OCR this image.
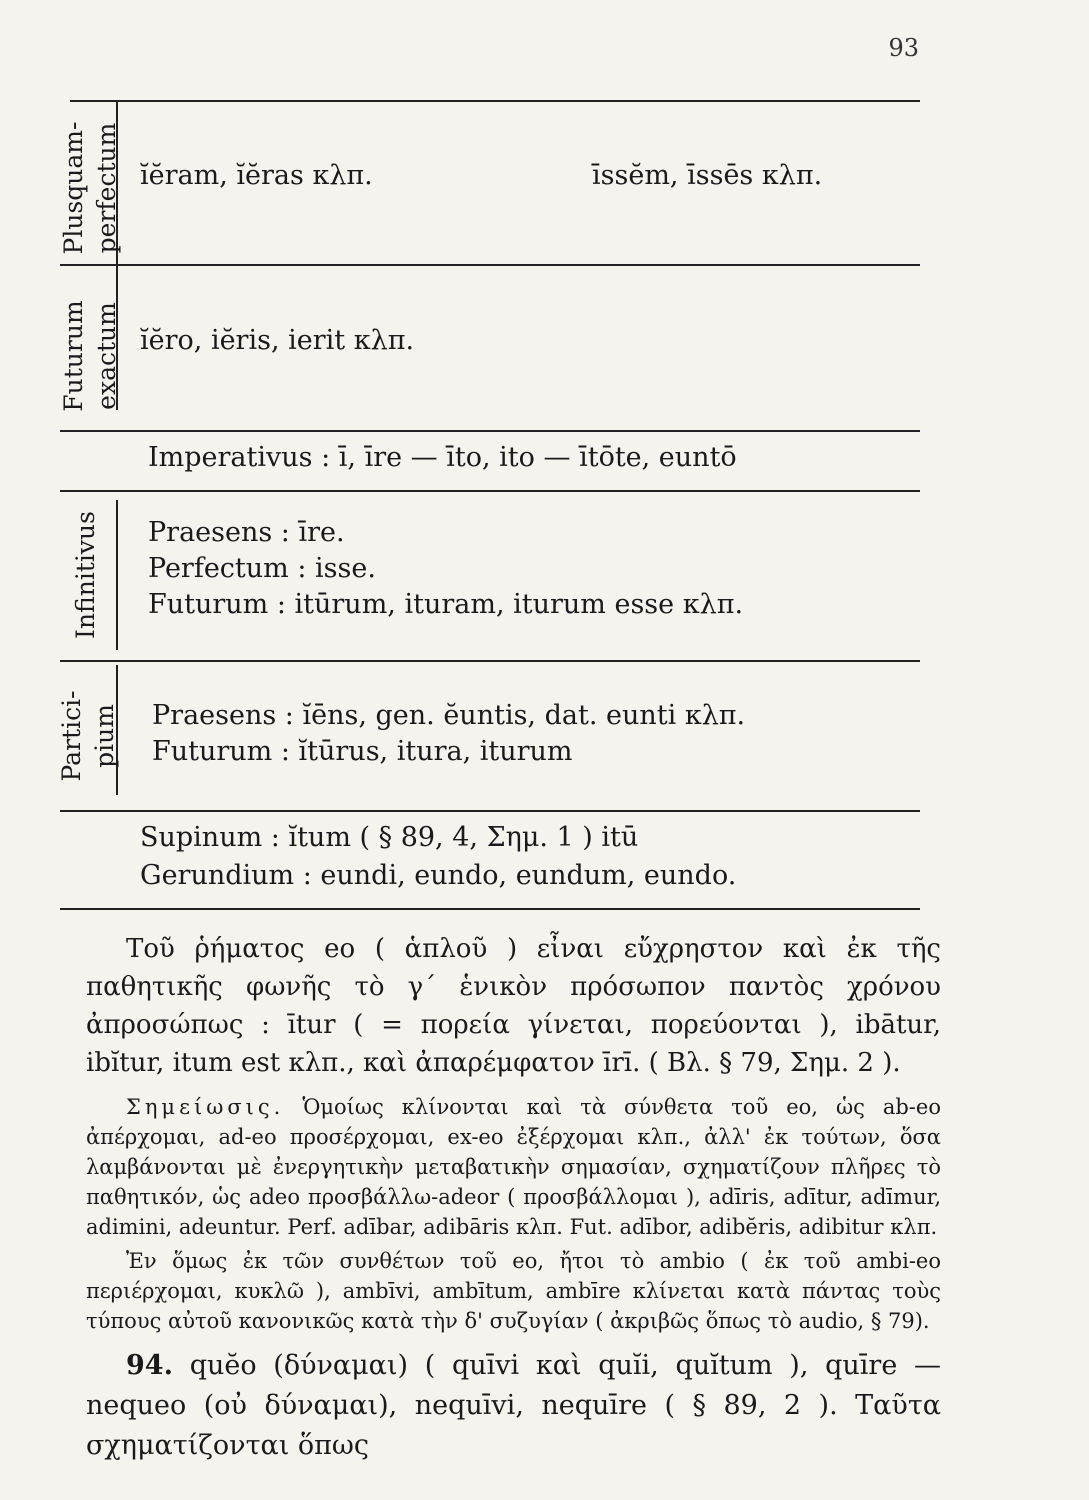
93
Plusquam- perfectum ĭĕram, ĭĕras κλπ.	īssĕm, īssēs κλπ.
Futurum exactum ĭĕro, iĕris, ierit κλπ.
Imperativus : ī, īre — īto, ito — ītōte, euntō
Infinitivus Praesens : īre.
Perfectum : isse.
Futurum : itūrum, ituram, iturum esse κλπ.
Partici- pium Praesens : ĭēns, gen. ĕuntis, dat. eunti κλπ.
Futurum : ĭtūrus, itura, iturum
Supinum : ĭtum ( § 89, 4, Σημ. 1 ) itū
Gerundium : eundi, eundo, eundum, eundo.
Τοῦ ῥήματος eo ( ἁπλοῦ ) εἶναι εὔχρηστον καὶ ἐκ τῆς παθητικῆς φωνῆς τὸ γ΄ ἑνικὸν πρόσωπον παντὸς χρόνου ἀπροσώπως : ītur ( = πορεία γίνεται, πορεύονται ), ibātur, ibĭtur, itum est κλπ., καὶ ἀπαρέμφατον īrī. ( Βλ. § 79, Σημ. 2 ).

Σημείωσις. Ὁμοίως κλίνονται καὶ τὰ σύνθετα τοῦ eo, ὡς ab-eo ἀπέρχομαι, ad-eo προσέρχομαι, ex-eo ἐξέρχομαι κλπ., ἀλλ' ἐκ τούτων, ὅσα λαμβάνονται μὲ ἐνεργητικὴν μεταβατικὴν σημασίαν, σχηματίζουν πλῆρες τὸ παθητικόν, ὡς adeo προσβάλλω-adeor ( προσβάλλομαι ), adīris, adītur, adīmur, adimini, adeuntur. Perf. adībar, adibāris κλπ. Fut. adībor, adibĕris, adibitur κλπ.

Ἐν ὅμως ἐκ τῶν συνθέτων τοῦ eo, ἤτοι τὸ ambio ( ἐκ τοῦ ambi-eo περιέρχομαι, κυκλῶ ), ambīvi, ambītum, ambīre κλίνεται κατὰ πάντας τοὺς τύπους αὐτοῦ κανονικῶς κατὰ τὴν δ' συζυγίαν ( ἀκριβῶς ὅπως τὸ audio, § 79).

94. quĕo (δύναμαι) ( quīvi καὶ quĭi, quĭtum ), quīre — nequeo (οὐ δύναμαι), nequīvi, nequīre ( § 89, 2 ). Ταῦτα σχηματίζονται ὅπως
